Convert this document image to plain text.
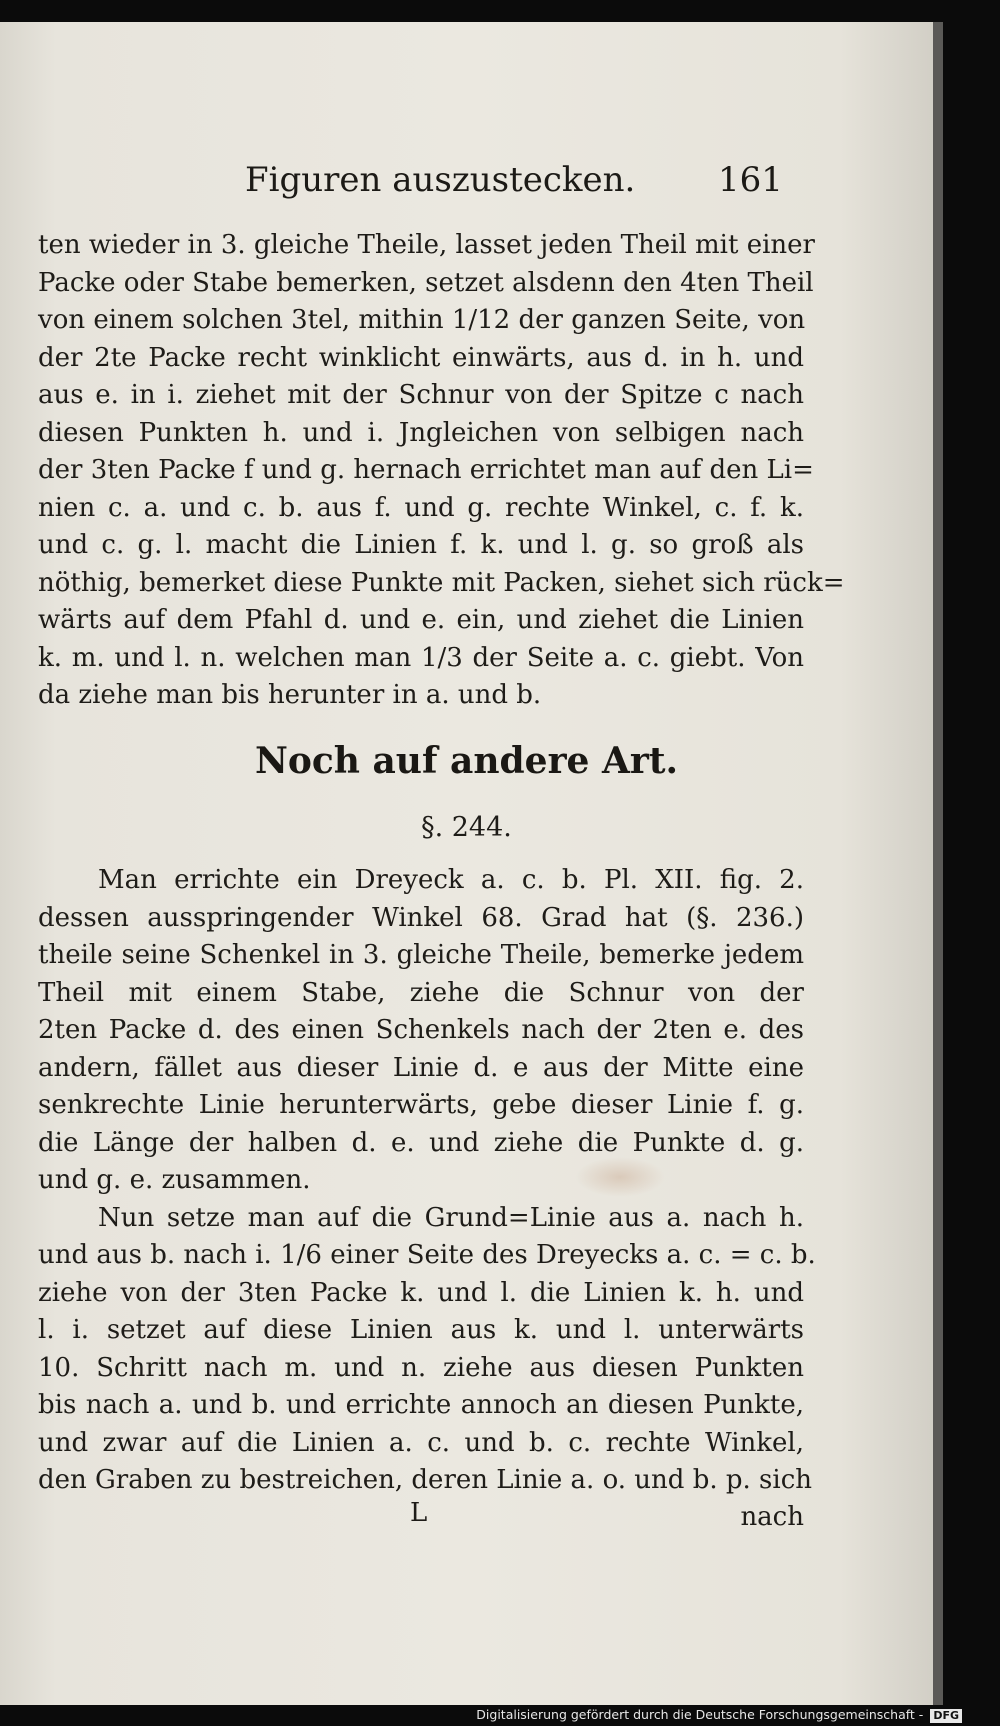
Figuren auszustecken. 161
ten wieder in 3. gleiche Theile, lasset jeden Theil mit einer
Packe oder Stabe bemerken, setzet alsdenn den 4ten Theil
von einem solchen 3tel, mithin 1/12 der ganzen Seite, von
der 2te Packe recht winklicht einwärts, aus d. in h. und
aus e. in i. ziehet mit der Schnur von der Spitze c nach
diesen Punkten h. und i. Jngleichen von selbigen nach
der 3ten Packe f und g. hernach errichtet man auf den Li=
nien c. a. und c. b. aus f. und g. rechte Winkel, c. f. k.
und c. g. l. macht die Linien f. k. und l. g. so groß als
nöthig, bemerket diese Punkte mit Packen, siehet sich rück=
wärts auf dem Pfahl d. und e. ein, und ziehet die Linien
k. m. und l. n. welchen man 1/3 der Seite a. c. giebt. Von
da ziehe man bis herunter in a. und b.
Noch auf andere Art.
§. 244.
Man errichte ein Dreyeck a. c. b. Pl. XII. fig. 2.
dessen ausspringender Winkel 68. Grad hat (§. 236.)
theile seine Schenkel in 3. gleiche Theile, bemerke jedem
Theil mit einem Stabe, ziehe die Schnur von der
2ten Packe d. des einen Schenkels nach der 2ten e. des
andern, fället aus dieser Linie d. e aus der Mitte eine
senkrechte Linie herunterwärts, gebe dieser Linie f. g.
die Länge der halben d. e. und ziehe die Punkte d. g.
und g. e. zusammen.
Nun setze man auf die Grund=Linie aus a. nach h.
und aus b. nach i. 1/6 einer Seite des Dreyecks a. c. = c. b.
ziehe von der 3ten Packe k. und l. die Linien k. h. und
l. i. setzet auf diese Linien aus k. und l. unterwärts
10. Schritt nach m. und n. ziehe aus diesen Punkten
bis nach a. und b. und errichte annoch an diesen Punkte,
und zwar auf die Linien a. c. und b. c. rechte Winkel,
den Graben zu bestreichen, deren Linie a. o. und b. p. sich
L	nach
Digitalisierung gefördert durch die Deutsche Forschungsgemeinschaft - DFG
